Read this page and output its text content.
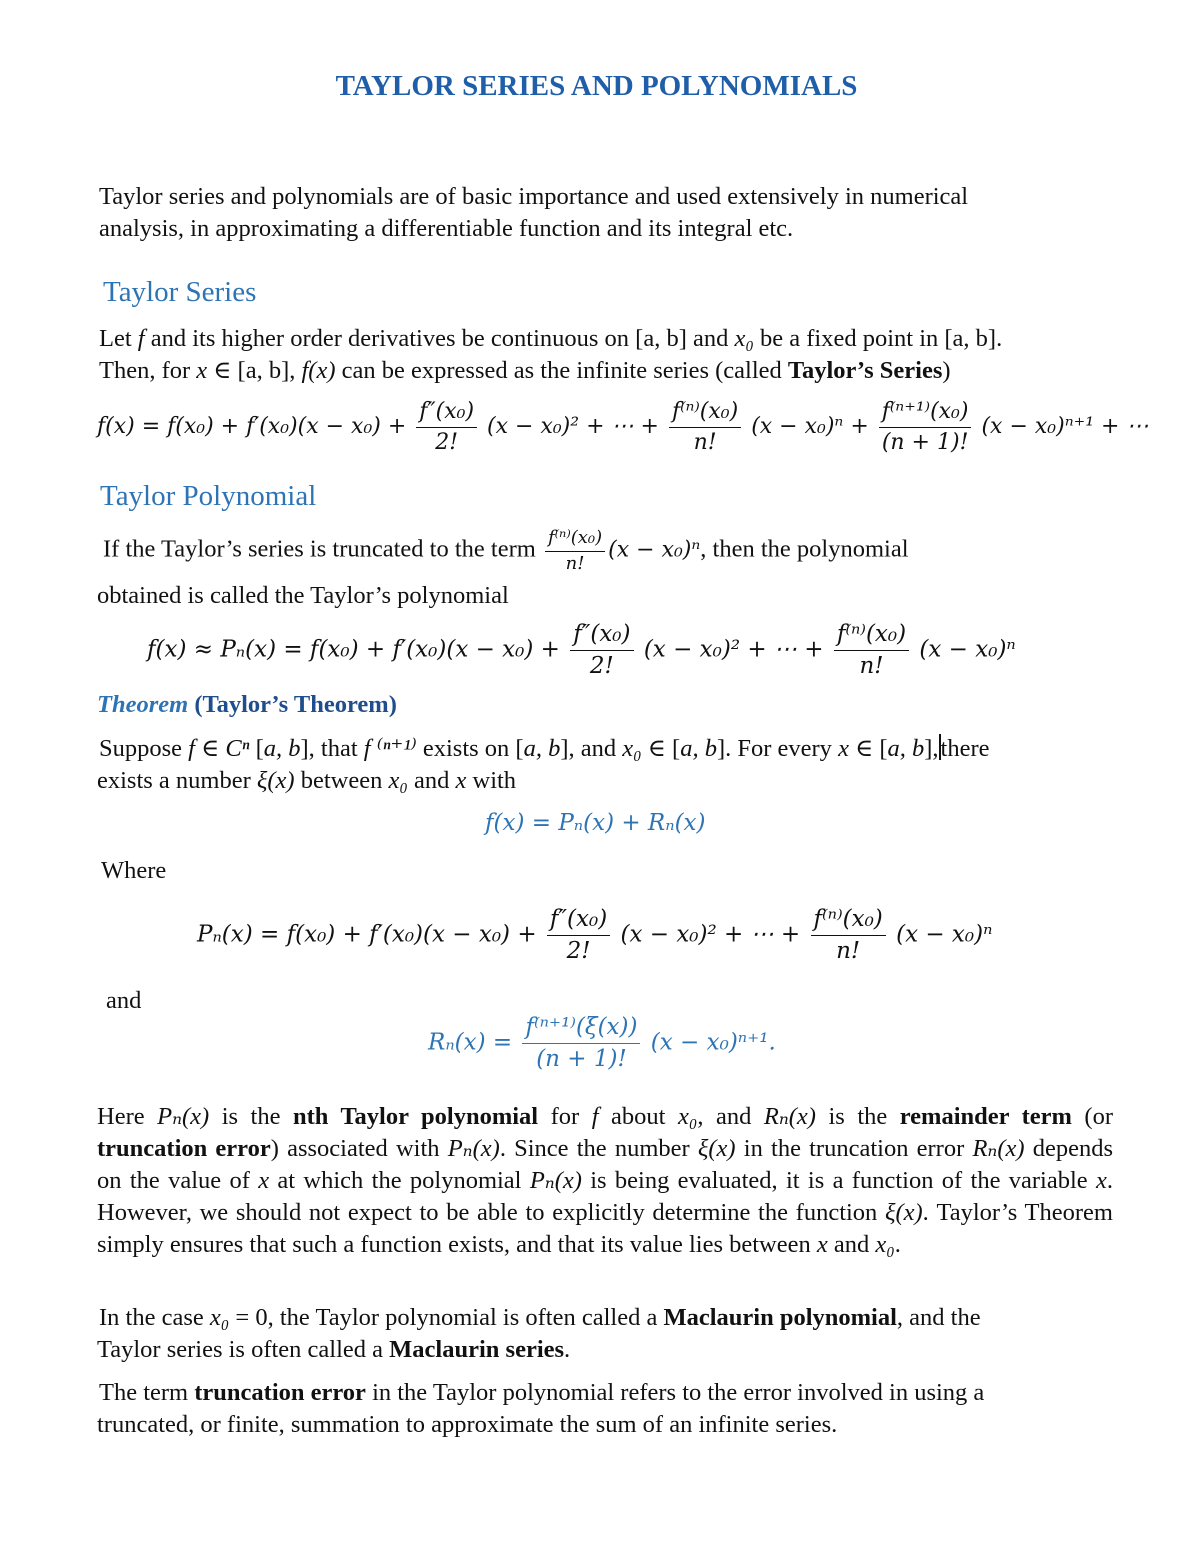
TAYLOR SERIES AND POLYNOMIALS
Taylor series and polynomials are of basic importance and used extensively in numerical
analysis, in approximating a differentiable function and its integral etc.
Taylor Series
Let f and its higher order derivatives be continuous on [a, b] and x₀ be a fixed point in [a, b].
Then, for x ∈ [a, b], f(x) can be expressed as the infinite series (called Taylor’s Series)
$f(x) = f(x_0) + f'(x_0)(x - x_0) + \frac{\text{f″(x₀)}}{2!} (x - x_0)^2$ + ⋯ + $\frac{\text{f⁽ⁿ⁾(x₀)}}{n!} (x - x_0)^n + \frac{\text{f⁽ⁿ⁺¹⁾(x₀)}}{(n + 1)!} (x - x_0)^{n+1}$ + ⋯
Taylor Polynomial
If the Taylor’s series is truncated to the term $\frac{\text{f⁽ⁿ⁾(x₀)}}{n!} (x - x_0)^n$, then the polynomial
obtained is called the Taylor’s polynomial
$f(x) \approx P_n(x) = f(x_0) + f'(x_0)(x - x_0) + \frac{\text{f″(x₀)}}{2!} (x - x_0)^2$ + ⋯ + $\frac{\text{f⁽ⁿ⁾(x₀)}}{n!} (x - x_0)^n$
Theorem (Taylor’s Theorem)
Suppose f ∈ Cⁿ [a, b], that f ⁽ⁿ⁺¹⁾ exists on [a, b], and x₀ ∈ [a, b]. For every x ∈ [a, b],there
exists a number ξ(x) between x₀ and x with
f(x) = Pₙ(x) + Rₙ(x)
Where
$P_n(x) = f(x_0) + f'(x_0)(x - x_0) + \frac{\text{f″(x₀)}}{2!} (x - x_0)^2$ + ⋯ + $\frac{\text{f⁽ⁿ⁾(x₀)}}{n!} (x - x_0)^n$
and
$R_n(x) = \frac{\text{f⁽ⁿ⁺¹⁾(ξ(x))}}{(n + 1)!} (x - x_0)^{n+1}$.
Here Pₙ(x) is the nth Taylor polynomial for f about x₀, and Rₙ(x) is the remainder term (or truncation error) associated with Pₙ(x). Since the number ξ(x) in the truncation error Rₙ(x) depends on the value of x at which the polynomial Pₙ(x) is being evaluated, it is a function of the variable x. However, we should not expect to be able to explicitly determine the function ξ(x). Taylor’s Theorem simply ensures that such a function exists, and that its value lies between x and x₀.
In the case x₀ = 0, the Taylor polynomial is often called a Maclaurin polynomial, and the
Taylor series is often called a Maclaurin series.
The term truncation error in the Taylor polynomial refers to the error involved in using a
truncated, or finite, summation to approximate the sum of an infinite series.
